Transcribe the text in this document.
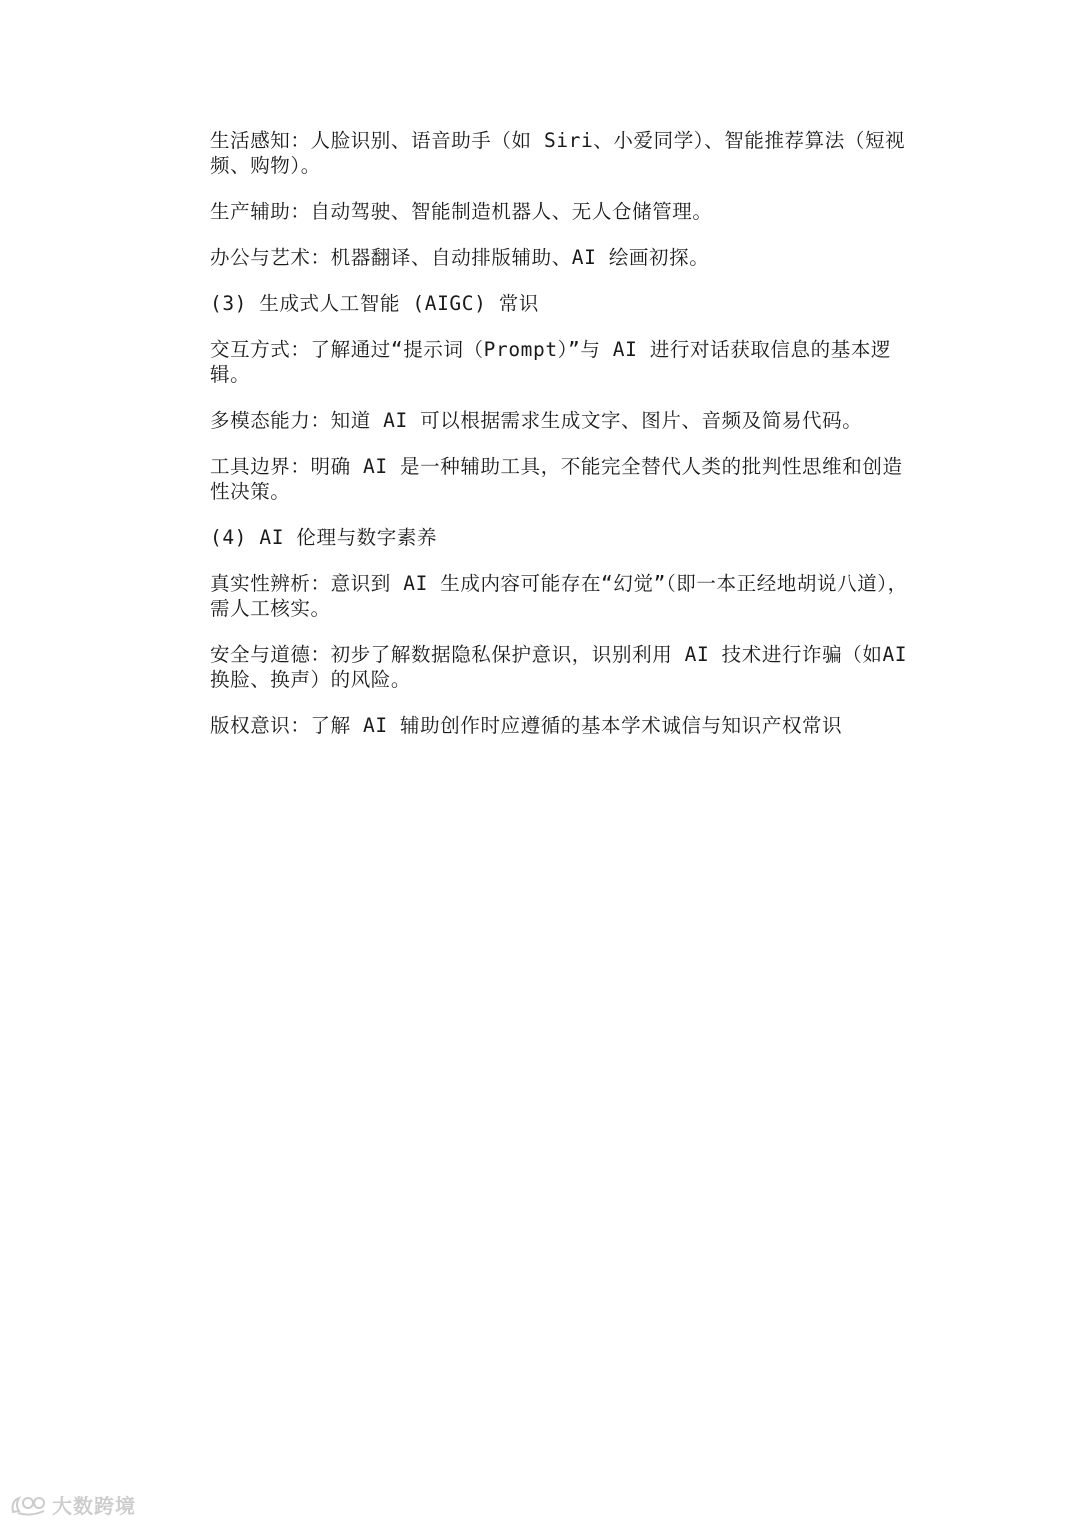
生活感知：人脸识别、语音助手（如 Siri、小爱同学）、智能推荐算法（短视频、购物）。

生产辅助：自动驾驶、智能制造机器人、无人仓储管理。

办公与艺术：机器翻译、自动排版辅助、AI 绘画初探。

(3) 生成式人工智能 (AIGC) 常识

交互方式：了解通过“提示词（Prompt）”与 AI 进行对话获取信息的基本逻辑。

多模态能力：知道 AI 可以根据需求生成文字、图片、音频及简易代码。

工具边界：明确 AI 是一种辅助工具，不能完全替代人类的批判性思维和创造性决策。

(4) AI 伦理与数字素养

真实性辨析：意识到 AI 生成内容可能存在“幻觉”（即一本正经地胡说八道），需人工核实。

安全与道德：初步了解数据隐私保护意识，识别利用 AI 技术进行诈骗（如AI 换脸、换声）的风险。

版权意识：了解 AI 辅助创作时应遵循的基本学术诚信与知识产权常识

大数跨境
